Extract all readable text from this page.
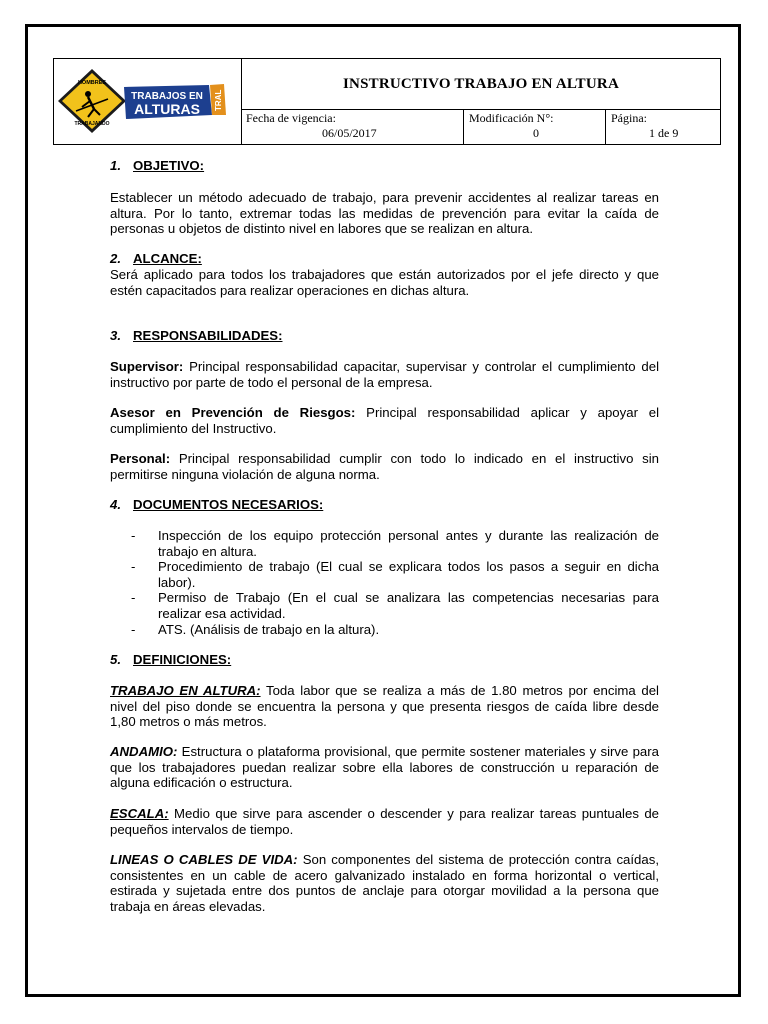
HOMBRES
TRABAJANDO
TRABAJOS EN
ALTURAS TRAL
INSTRUCTIVO TRABAJO EN ALTURA
Fecha de vigencia:
06/05/2017
Modificación N°:
0
Página:
1 de 9
1. OBJETIVO:

Establecer un método adecuado de trabajo, para prevenir accidentes al realizar tareas en altura. Por lo tanto, extremar todas las medidas de prevención para evitar la caída de personas u objetos de distinto nivel en labores que se realizan en altura.

2. ALCANCE:

Será aplicado para todos los trabajadores que están autorizados por el jefe directo y que estén capacitados para realizar operaciones en dichas altura.

3. RESPONSABILIDADES:

Supervisor: Principal responsabilidad capacitar, supervisar y controlar el cumplimiento del instructivo por parte de todo el personal de la empresa.

Asesor en Prevención de Riesgos: Principal responsabilidad aplicar y apoyar el cumplimiento del Instructivo.

Personal: Principal responsabilidad cumplir con todo lo indicado en el instructivo sin permitirse ninguna violación de alguna norma.

4. DOCUMENTOS NECESARIOS:
- Inspección de los equipo protección personal antes y durante las realización de trabajo en altura.
- Procedimiento de trabajo (El cual se explicara todos los pasos a seguir en dicha labor).
- Permiso de Trabajo (En el cual se analizara las competencias necesarias para realizar esa actividad.
- ATS. (Análisis de trabajo en la altura).
5. DEFINICIONES:

TRABAJO EN ALTURA: Toda labor que se realiza a más de 1.80 metros por encima del nivel del piso donde se encuentra la persona y que presenta riesgos de caída libre desde 1,80 metros o más metros.

ANDAMIO: Estructura o plataforma provisional, que permite sostener materiales y sirve para que los trabajadores puedan realizar sobre ella labores de construcción u reparación de alguna edificación o estructura.

ESCALA: Medio que sirve para ascender o descender y para realizar tareas puntuales de pequeños intervalos de tiempo.

LINEAS O CABLES DE VIDA: Son componentes del sistema de protección contra caídas, consistentes en un cable de acero galvanizado instalado en forma horizontal o vertical, estirada y sujetada entre dos puntos de anclaje para otorgar movilidad a la persona que trabaja en áreas elevadas.
